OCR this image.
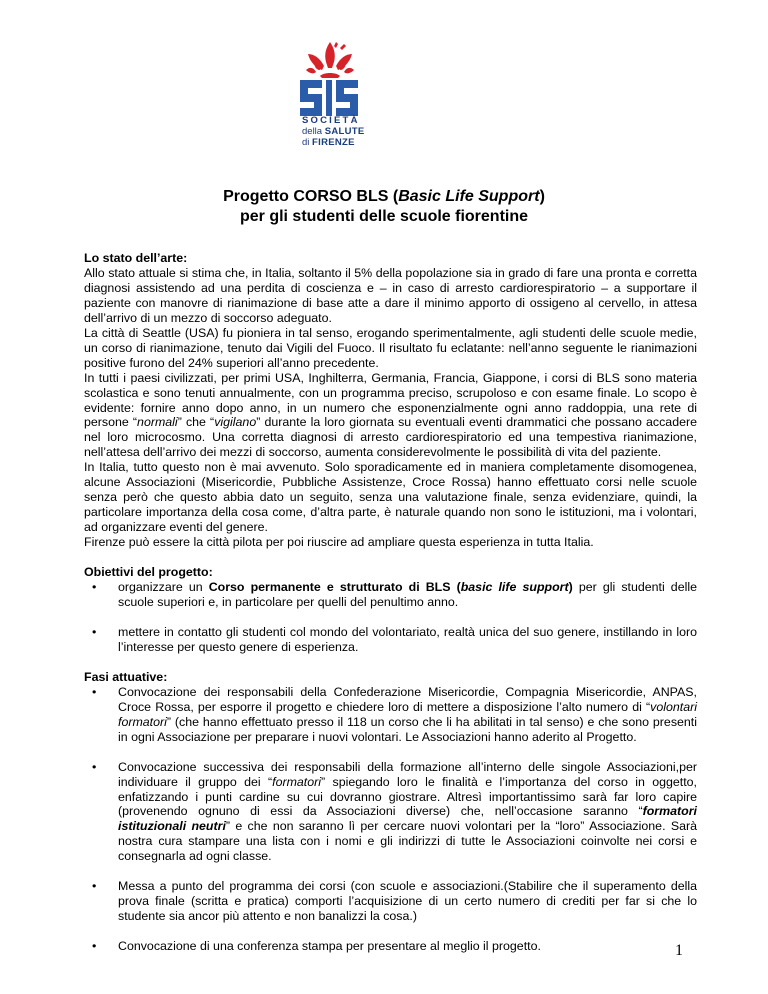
SOCIETÀ
della SALUTE
di FIRENZE
Progetto CORSO BLS (Basic Life Support)
per gli studenti delle scuole fiorentine

Lo stato dell’arte:

Allo stato attuale si stima che, in Italia, soltanto il 5% della popolazione sia in grado di fare una pronta e corretta diagnosi assistendo ad una perdita di coscienza e – in caso di arresto cardiorespiratorio – a supportare il paziente con manovre di rianimazione di base atte a dare il minimo apporto di ossigeno al cervello, in attesa dell’arrivo di un mezzo di soccorso adeguato.

La città di Seattle (USA) fu pioniera in tal senso, erogando sperimentalmente, agli studenti delle scuole medie, un corso di rianimazione, tenuto dai Vigili del Fuoco. Il risultato fu eclatante: nell’anno seguente le rianimazioni positive furono del 24% superiori all’anno precedente.

In tutti i paesi civilizzati, per primi USA, Inghilterra, Germania, Francia, Giappone, i corsi di BLS sono materia scolastica e sono tenuti annualmente, con un programma preciso, scrupoloso e con esame finale. Lo scopo è evidente: fornire anno dopo anno, in un numero che esponenzialmente ogni anno raddoppia, una rete di persone “normali” che “vigilano” durante la loro giornata su eventuali eventi drammatici che possano accadere nel loro microcosmo. Una corretta diagnosi di arresto cardiorespiratorio ed una tempestiva rianimazione, nell’attesa dell’arrivo dei mezzi di soccorso, aumenta considerevolmente le possibilità di vita del paziente.

In Italia, tutto questo non è mai avvenuto. Solo sporadicamente ed in maniera completamente disomogenea, alcune Associazioni (Misericordie, Pubbliche Assistenze, Croce Rossa) hanno effettuato corsi nelle scuole senza però che questo abbia dato un seguito, senza una valutazione finale, senza evidenziare, quindi, la particolare importanza della cosa come, d’altra parte, è naturale quando non sono le istituzioni, ma i volontari, ad organizzare eventi del genere.

Firenze può essere la città pilota per poi riuscire ad ampliare questa esperienza in tutta Italia.

Obiettivi del progetto:

• organizzare un Corso permanente e strutturato di BLS (basic life support) per gli studenti delle scuole superiori e, in particolare per quelli del penultimo anno.
• mettere in contatto gli studenti col mondo del volontariato, realtà unica del suo genere, instillando in loro l’interesse per questo genere di esperienza.

Fasi attuative:

• Convocazione dei responsabili della Confederazione Misericordie, Compagnia Misericordie, ANPAS, Croce Rossa, per esporre il progetto e chiedere loro di mettere a disposizione l’alto numero di “volontari formatori” (che hanno effettuato presso il 118 un corso che li ha abilitati in tal senso) e che sono presenti in ogni Associazione per preparare i nuovi volontari. Le Associazioni hanno aderito al Progetto.
• Convocazione successiva dei responsabili della formazione all’interno delle singole Associazioni,per individuare il gruppo dei “formatori” spiegando loro le finalità e l’importanza del corso in oggetto, enfatizzando i punti cardine su cui dovranno giostrare. Altresì importantissimo sarà far loro capire (provenendo ognuno di essi da Associazioni diverse) che, nell’occasione saranno “formatori istituzionali neutri” e che non saranno lì per cercare nuovi volontari per la “loro” Associazione. Sarà nostra cura stampare una lista con i nomi e gli indirizzi di tutte le Associazioni coinvolte nei corsi e consegnarla ad ogni classe.
• Messa a punto del programma dei corsi (con scuole e associazioni.(Stabilire che il superamento della prova finale (scritta e pratica) comporti l’acquisizione di un certo numero di crediti per far si che lo studente sia ancor più attento e non banalizzi la cosa.)
• Convocazione di una conferenza stampa per presentare al meglio il progetto.	1
